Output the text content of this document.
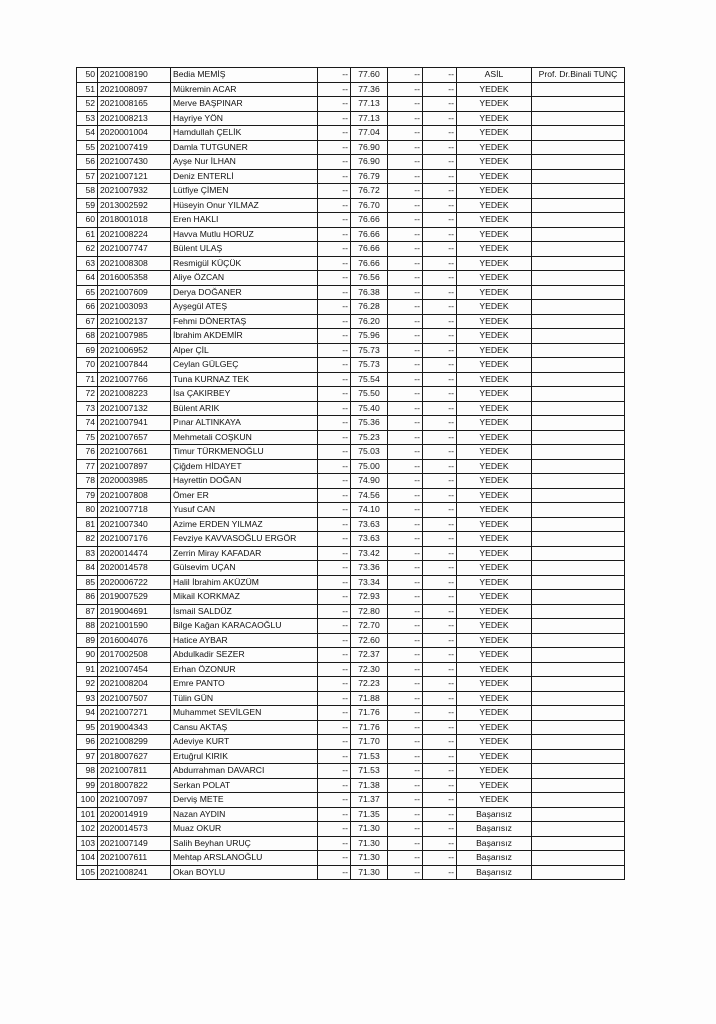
50	2021008190	Bedia MEMİŞ	--	77.60	--	--	ASİL	Prof. Dr.Binali TUNÇ
51	2021008097	Mükremin ACAR	--	77.36	--	--	YEDEK	
52	2021008165	Merve BAŞPINAR	--	77.13	--	--	YEDEK	
53	2021008213	Hayriye YÖN	--	77.13	--	--	YEDEK	
54	2020001004	Hamdullah ÇELİK	--	77.04	--	--	YEDEK	
55	2021007419	Damla TUTGUNER	--	76.90	--	--	YEDEK	
56	2021007430	Ayşe Nur İLHAN	--	76.90	--	--	YEDEK	
57	2021007121	Deniz ENTERLİ	--	76.79	--	--	YEDEK	
58	2021007932	Lütfiye ÇİMEN	--	76.72	--	--	YEDEK	
59	2013002592	Hüseyin Onur YILMAZ	--	76.70	--	--	YEDEK	
60	2018001018	Eren HAKLI	--	76.66	--	--	YEDEK	
61	2021008224	Havva Mutlu HORUZ	--	76.66	--	--	YEDEK	
62	2021007747	Bülent ULAŞ	--	76.66	--	--	YEDEK	
63	2021008308	Resmigül KÜÇÜK	--	76.66	--	--	YEDEK	
64	2016005358	Aliye ÖZCAN	--	76.56	--	--	YEDEK	
65	2021007609	Derya DOĞANER	--	76.38	--	--	YEDEK	
66	2021003093	Ayşegül ATEŞ	--	76.28	--	--	YEDEK	
67	2021002137	Fehmi DÖNERTAŞ	--	76.20	--	--	YEDEK	
68	2021007985	İbrahim AKDEMİR	--	75.96	--	--	YEDEK	
69	2021006952	Alper ÇİL	--	75.73	--	--	YEDEK	
70	2021007844	Ceylan GÜLGEÇ	--	75.73	--	--	YEDEK	
71	2021007766	Tuna KURNAZ TEK	--	75.54	--	--	YEDEK	
72	2021008223	İsa ÇAKIRBEY	--	75.50	--	--	YEDEK	
73	2021007132	Bülent ARIK	--	75.40	--	--	YEDEK	
74	2021007941	Pınar ALTINKAYA	--	75.36	--	--	YEDEK	
75	2021007657	Mehmetali COŞKUN	--	75.23	--	--	YEDEK	
76	2021007661	Timur TÜRKMENOĞLU	--	75.03	--	--	YEDEK	
77	2021007897	Çiğdem HİDAYET	--	75.00	--	--	YEDEK	
78	2020003985	Hayrettin DOĞAN	--	74.90	--	--	YEDEK	
79	2021007808	Ömer ER	--	74.56	--	--	YEDEK	
80	2021007718	Yusuf CAN	--	74.10	--	--	YEDEK	
81	2021007340	Azime ERDEN YILMAZ	--	73.63	--	--	YEDEK	
82	2021007176	Fevziye KAVVASOĞLU ERGÖR	--	73.63	--	--	YEDEK	
83	2020014474	Zerrin Miray KAFADAR	--	73.42	--	--	YEDEK	
84	2020014578	Gülsevim UÇAN	--	73.36	--	--	YEDEK	
85	2020006722	Halil İbrahim AKÜZÜM	--	73.34	--	--	YEDEK	
86	2019007529	Mikail KORKMAZ	--	72.93	--	--	YEDEK	
87	2019004691	İsmail SALDÜZ	--	72.80	--	--	YEDEK	
88	2021001590	Bilge Kağan KARACAOĞLU	--	72.70	--	--	YEDEK	
89	2016004076	Hatice AYBAR	--	72.60	--	--	YEDEK	
90	2017002508	Abdulkadir SEZER	--	72.37	--	--	YEDEK	
91	2021007454	Erhan ÖZONUR	--	72.30	--	--	YEDEK	
92	2021008204	Emre PANTO	--	72.23	--	--	YEDEK	
93	2021007507	Tülin GÜN	--	71.88	--	--	YEDEK	
94	2021007271	Muhammet SEVİLGEN	--	71.76	--	--	YEDEK	
95	2019004343	Cansu AKTAŞ	--	71.76	--	--	YEDEK	
96	2021008299	Adeviye KURT	--	71.70	--	--	YEDEK	
97	2018007627	Ertuğrul KIRIK	--	71.53	--	--	YEDEK	
98	2021007811	Abdurrahman DAVARCI	--	71.53	--	--	YEDEK	
99	2018007822	Serkan POLAT	--	71.38	--	--	YEDEK	
100	2021007097	Derviş METE	--	71.37	--	--	YEDEK	
101	2020014919	Nazan AYDIN	--	71.35	--	--	Başarısız	
102	2020014573	Muaz OKUR	--	71.30	--	--	Başarısız	
103	2021007149	Salih Beyhan URUÇ	--	71.30	--	--	Başarısız	
104	2021007611	Mehtap ARSLANOĞLU	--	71.30	--	--	Başarısız	
105	2021008241	Okan BOYLU	--	71.30	--	--	Başarısız	
